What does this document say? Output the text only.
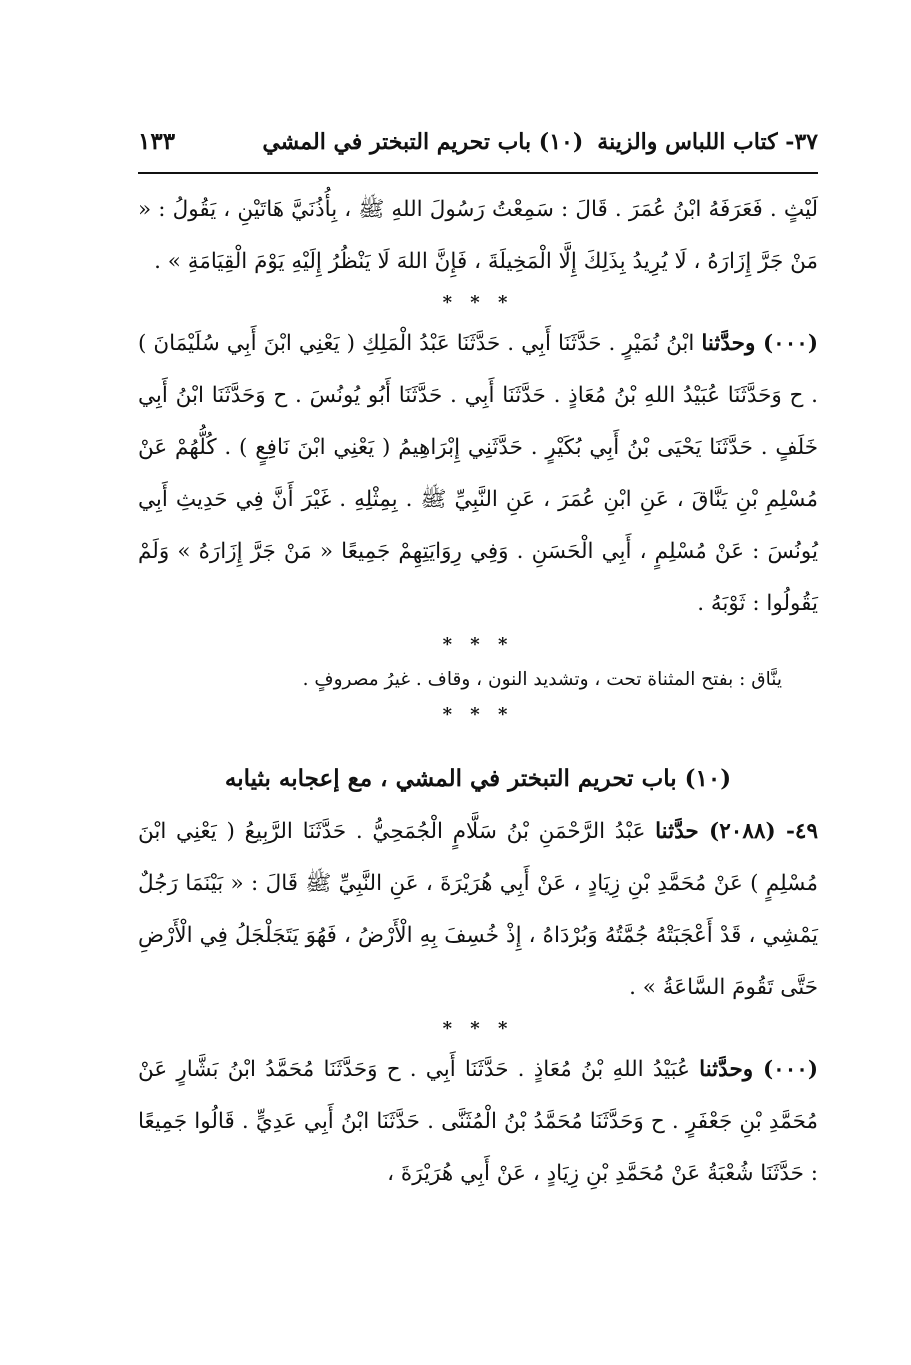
٣٧- كتاب اللباس والزينة
(١٠) باب تحريم التبختر في المشي
١٣٣
لَيْثٍ . فَعَرَفَهُ ابْنُ عُمَرَ . قَالَ : سَمِعْتُ رَسُولَ اللهِ ﷺ ، بِأُذُنَيَّ هَاتَيْنِ ، يَقُولُ : « مَنْ جَرَّ إِزَارَهُ ، لَا يُرِيدُ بِذَلِكَ إِلَّا الْمَخِيلَةَ ، فَإِنَّ اللهَ لَا يَنْظُرُ إِلَيْهِ يَوْمَ الْقِيَامَةِ » .
* * *
(٠٠٠) وحدَّثنا ابْنُ نُمَيْرٍ . حَدَّثَنَا أَبِي . حَدَّثَنَا عَبْدُ الْمَلِكِ ( يَعْنِي ابْنَ أَبِي سُلَيْمَانَ ) . ح وَحَدَّثَنَا عُبَيْدُ اللهِ بْنُ مُعَاذٍ . حَدَّثَنَا أَبِي . حَدَّثَنَا أَبُو يُونُسَ . ح وَحَدَّثَنَا ابْنُ أَبِي خَلَفٍ . حَدَّثَنَا يَحْيَى بْنُ أَبِي بُكَيْرٍ . حَدَّثَنِي إِبْرَاهِيمُ ( يَعْنِي ابْنَ نَافِعٍ ) . كُلُّهُمْ عَنْ مُسْلِمِ بْنِ يَنَّاقَ ، عَنِ ابْنِ عُمَرَ ، عَنِ النَّبِيِّ ﷺ . بِمِثْلِهِ . غَيْرَ أَنَّ فِي حَدِيثِ أَبِي يُونُسَ : عَنْ مُسْلِمٍ ، أَبِي الْحَسَنِ . وَفِي رِوَايَتِهِمْ جَمِيعًا « مَنْ جَرَّ إِزَارَهُ » وَلَمْ يَقُولُوا : ثَوْبَهُ .
* * *
ينَّاق : بفتح المثناة تحت ، وتشديد النون ، وقاف . غيرُ مصروفٍ .
* * *
(١٠) باب تحريم التبختر في المشي ، مع إعجابه بثيابه
٤٩- (٢٠٨٨) حدَّثنا عَبْدُ الرَّحْمَنِ بْنُ سَلَّامٍ الْجُمَحِيُّ . حَدَّثَنَا الرَّبِيعُ ( يَعْنِي ابْنَ مُسْلِمٍ ) عَنْ مُحَمَّدِ بْنِ زِيَادٍ ، عَنْ أَبِي هُرَيْرَةَ ، عَنِ النَّبِيِّ ﷺ قَالَ : « بَيْنَمَا رَجُلٌ يَمْشِي ، قَدْ أَعْجَبَتْهُ جُمَّتُهُ وَبُرْدَاهُ ، إِذْ خُسِفَ بِهِ الْأَرْضُ ، فَهُوَ يَتَجَلْجَلُ فِي الْأَرْضِ حَتَّى تَقُومَ السَّاعَةُ » .
* * *
(٠٠٠) وحدَّثنا عُبَيْدُ اللهِ بْنُ مُعَاذٍ . حَدَّثَنَا أَبِي . ح وَحَدَّثَنَا مُحَمَّدُ ابْنُ بَشَّارٍ عَنْ مُحَمَّدِ بْنِ جَعْفَرٍ . ح وَحَدَّثَنَا مُحَمَّدُ بْنُ الْمُثَنَّى . حَدَّثَنَا ابْنُ أَبِي عَدِيٍّ . قَالُوا جَمِيعًا : حَدَّثَنَا شُعْبَةُ عَنْ مُحَمَّدِ بْنِ زِيَادٍ ، عَنْ أَبِي هُرَيْرَةَ ،
